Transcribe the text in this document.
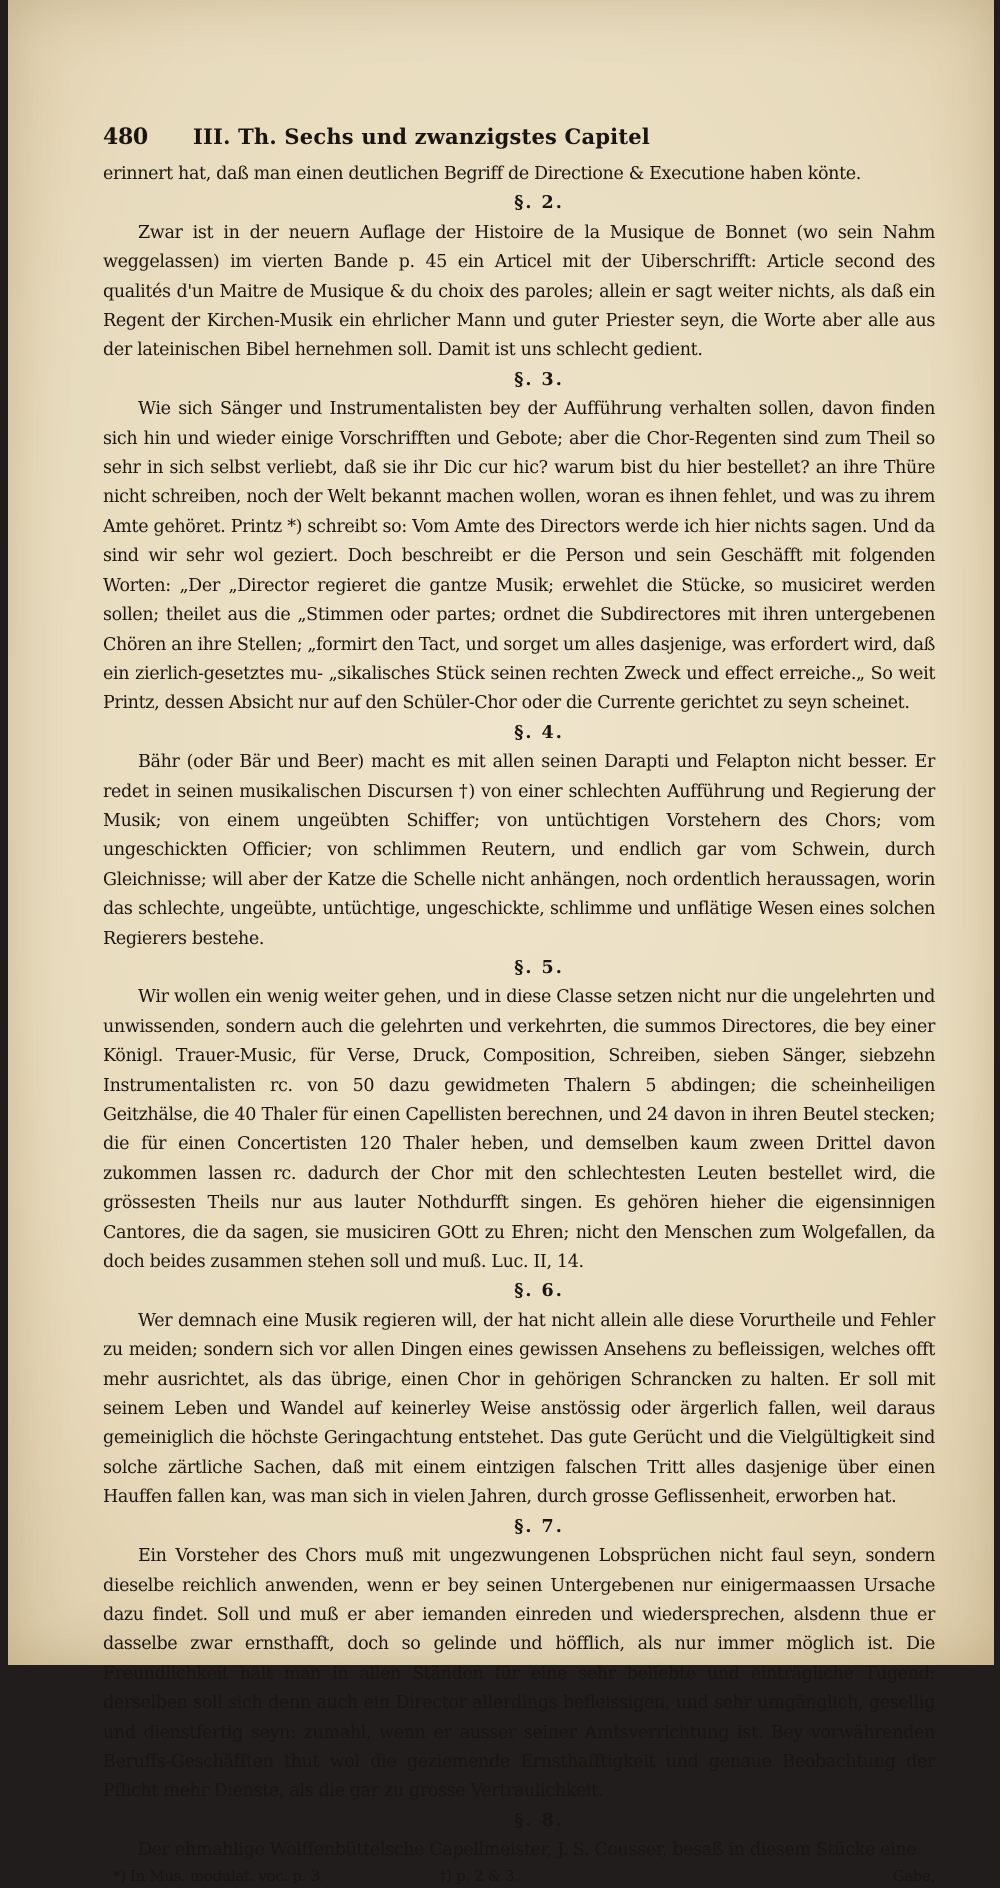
480	III. Th. Sechs und zwanzigstes Capitel

erinnert hat, daß man einen deutlichen Begriff de Directione & Executione haben könte.

§. 2.

Zwar ist in der neuern Auflage der Histoire de la Musique de Bonnet (wo sein Nahm weggelassen) im vierten Bande p. 45 ein Articel mit der Uiberschrifft: Article second des qualités d'un Maitre de Musique & du choix des paroles; allein er sagt weiter nichts, als daß ein Regent der Kirchen-Musik ein ehrlicher Mann und guter Priester seyn, die Worte aber alle aus der lateinischen Bibel hernehmen soll. Damit ist uns schlecht gedient.

§. 3.

Wie sich Sänger und Instrumentalisten bey der Aufführung verhalten sollen, davon finden sich hin und wieder einige Vorschrifften und Gebote; aber die Chor-Regenten sind zum Theil so sehr in sich selbst verliebt, daß sie ihr Dic cur hic? warum bist du hier bestellet? an ihre Thüre nicht schreiben, noch der Welt bekannt machen wollen, woran es ihnen fehlet, und was zu ihrem Amte gehöret. Printz *) schreibt so: Vom Amte des Directors werde ich hier nichts sagen. Und da sind wir sehr wol geziert. Doch beschreibt er die Person und sein Geschäfft mit folgenden Worten: „Der „Director regieret die gantze Musik; erwehlet die Stücke, so musiciret werden sollen; theilet aus die „Stimmen oder partes; ordnet die Subdirectores mit ihren untergebenen Chören an ihre Stellen; „formirt den Tact, und sorget um alles dasjenige, was erfordert wird, daß ein zierlich-gesetztes mu- „sikalisches Stück seinen rechten Zweck und effect erreiche.„ So weit Printz, dessen Absicht nur auf den Schüler-Chor oder die Currente gerichtet zu seyn scheinet.

§. 4.

Bähr (oder Bär und Beer) macht es mit allen seinen Darapti und Felapton nicht besser. Er redet in seinen musikalischen Discursen †) von einer schlechten Aufführung und Regierung der Musik; von einem ungeübten Schiffer; von untüchtigen Vorstehern des Chors; vom ungeschickten Officier; von schlimmen Reutern, und endlich gar vom Schwein, durch Gleichnisse; will aber der Katze die Schelle nicht anhängen, noch ordentlich heraussagen, worin das schlechte, ungeübte, untüchtige, ungeschickte, schlimme und unflätige Wesen eines solchen Regierers bestehe.

§. 5.

Wir wollen ein wenig weiter gehen, und in diese Classe setzen nicht nur die ungelehrten und unwissenden, sondern auch die gelehrten und verkehrten, die summos Directores, die bey einer Königl. Trauer-Music, für Verse, Druck, Composition, Schreiben, sieben Sänger, siebzehn Instrumentalisten rc. von 50 dazu gewidmeten Thalern 5 abdingen; die scheinheiligen Geitzhälse, die 40 Thaler für einen Capellisten berechnen, und 24 davon in ihren Beutel stecken; die für einen Concertisten 120 Thaler heben, und demselben kaum zween Drittel davon zukommen lassen rc. dadurch der Chor mit den schlechtesten Leuten bestellet wird, die grössesten Theils nur aus lauter Nothdurfft singen. Es gehören hieher die eigensinnigen Cantores, die da sagen, sie musiciren GOtt zu Ehren; nicht den Menschen zum Wolgefallen, da doch beides zusammen stehen soll und muß. Luc. II, 14.

§. 6.

Wer demnach eine Musik regieren will, der hat nicht allein alle diese Vorurtheile und Fehler zu meiden; sondern sich vor allen Dingen eines gewissen Ansehens zu befleissigen, welches offt mehr ausrichtet, als das übrige, einen Chor in gehörigen Schrancken zu halten. Er soll mit seinem Leben und Wandel auf keinerley Weise anstössig oder ärgerlich fallen, weil daraus gemeiniglich die höchste Geringachtung entstehet. Das gute Gerücht und die Vielgültigkeit sind solche zärtliche Sachen, daß mit einem eintzigen falschen Tritt alles dasjenige über einen Hauffen fallen kan, was man sich in vielen Jahren, durch grosse Geflissenheit, erworben hat.

§. 7.

Ein Vorsteher des Chors muß mit ungezwungenen Lobsprüchen nicht faul seyn, sondern dieselbe reichlich anwenden, wenn er bey seinen Untergebenen nur einigermaassen Ursache dazu findet. Soll und muß er aber iemanden einreden und wiedersprechen, alsdenn thue er dasselbe zwar ernsthafft, doch so gelinde und höfflich, als nur immer möglich ist. Die Freundlichkeit hält man in allen Ständen für eine sehr beliebte und einträgliche Tugend: derselben soll sich denn auch ein Director allerdings befleissigen, und sehr umgänglich, gesellig und dienstfertig seyn: zumahl, wenn er ausser seiner Amtsverrichtung ist. Bey vorwährenden Beruffs-Geschäfften thut wol die geziemende Ernsthafftigkeit und genaue Beobachtung der Pflicht mehr Dienste, als die gar zu grosse Vertraulichkeit.

§. 8.

Der ehmahlige Wolffenbüttelsche Capellmeister, J. S. Cousser, besaß in diesem Stücke eine

*) In Mus. modulat. voc. p. 3.	†) p. 2 & 3.	Gabe,
